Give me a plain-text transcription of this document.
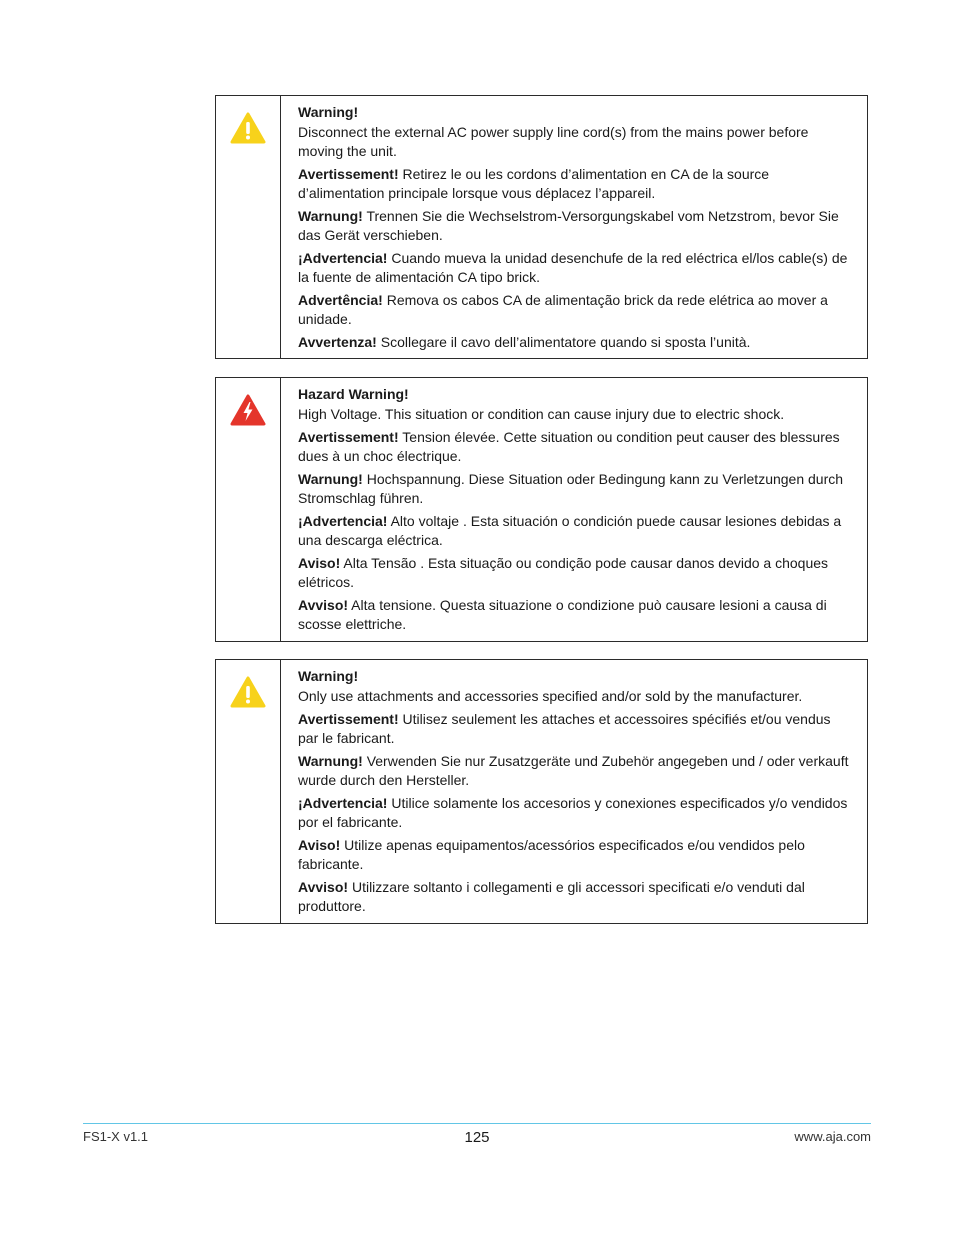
Warning!

Disconnect the external AC power supply line cord(s) from the mains power before moving the unit.

Avertissement! Retirez le ou les cordons d’alimentation en CA de la source d’alimentation principale lorsque vous déplacez l’appareil.

Warnung! Trennen Sie die Wechselstrom-Versorgungskabel vom Netzstrom, bevor Sie das Gerät verschieben.

¡Advertencia! Cuando mueva la unidad desenchufe de la red eléctrica el/los cable(s) de la fuente de alimentación CA tipo brick.

Advertência! Remova os cabos CA de alimentação brick da rede elétrica ao mover a unidade.

Avvertenza! Scollegare il cavo dell’alimentatore quando si sposta l’unità.

Hazard Warning!

High Voltage. This situation or condition can cause injury due to electric shock.

Avertissement! Tension élevée. Cette situation ou condition peut causer des blessures dues à un choc électrique.

Warnung! Hochspannung. Diese Situation oder Bedingung kann zu Verletzungen durch Stromschlag führen.

¡Advertencia! Alto voltaje . Esta situación o condición puede causar lesiones debidas a una descarga eléctrica.

Aviso! Alta Tensão . Esta situação ou condição pode causar danos devido a choques elétricos.

Avviso! Alta tensione. Questa situazione o condizione può causare lesioni a causa di scosse elettriche.

Warning!

Only use attachments and accessories specified and/or sold by the manufacturer.

Avertissement! Utilisez seulement les attaches et accessoires spécifiés et/ou vendus par le fabricant.

Warnung! Verwenden Sie nur Zusatzgeräte und Zubehör angegeben und / oder verkauft wurde durch den Hersteller.

¡Advertencia! Utilice solamente los accesorios y conexiones especificados y/o vendidos por el fabricante.

Aviso! Utilize apenas equipamentos/acessórios especificados e/ou vendidos pelo fabricante.

Avviso! Utilizzare soltanto i collegamenti e gli accessori specificati e/o venduti dal produttore.

FS1-X v1.1	125	www.aja.com
